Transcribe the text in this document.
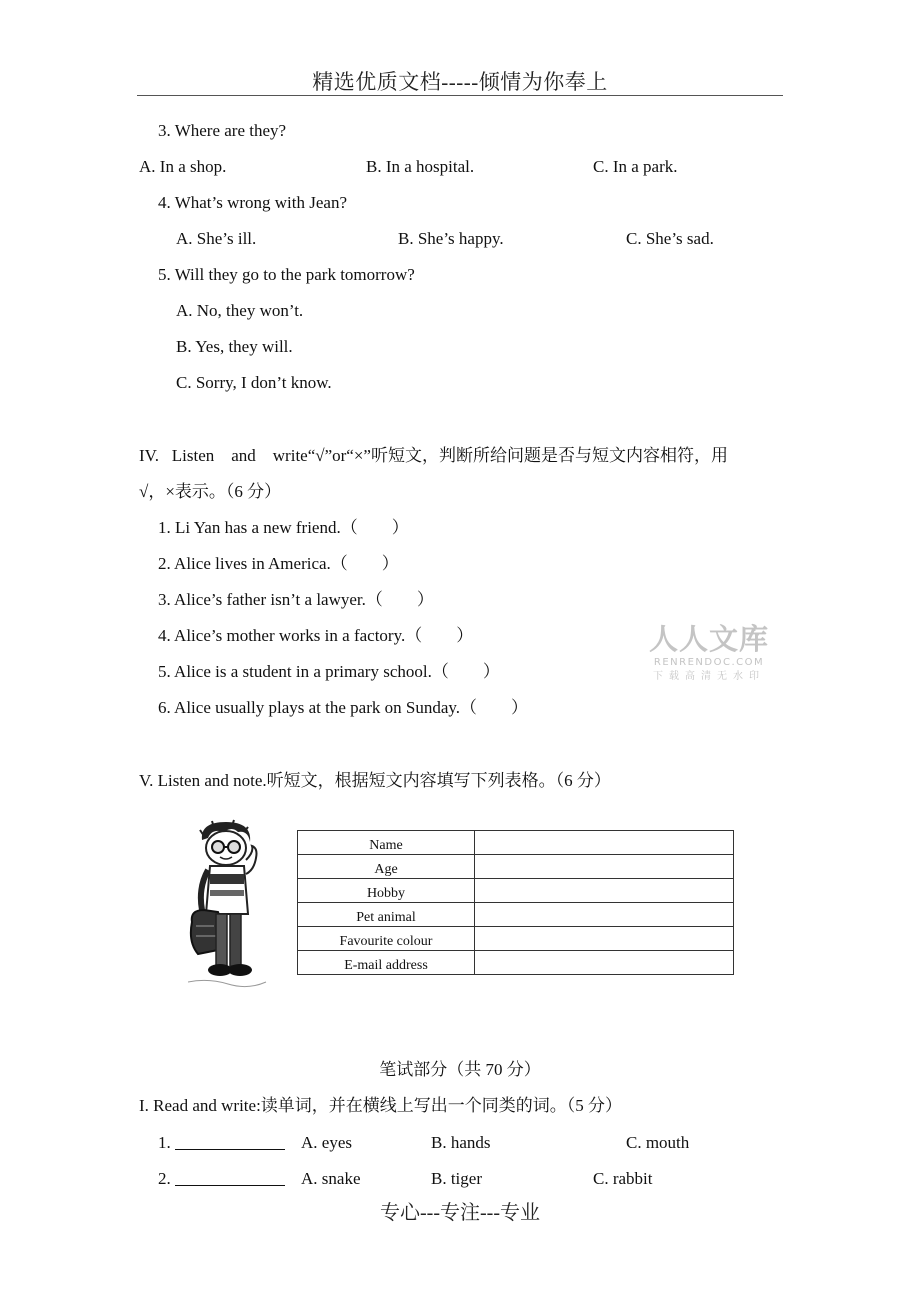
精选优质文档-----倾情为你奉上
3. Where are they?
A. In a shop.	B. In a hospital.	C. In a park.
4. What’s wrong with Jean?
A. She’s ill.	B. She’s happy.	C. She’s sad.
5. Will they go to the park tomorrow?
A. No, they won’t.
B. Yes, they will.
C. Sorry, I don’t know.
IV.   Listen    and    write“√”or“×”听短文，判断所给问题是否与短文内容相符，用
√，×表示。（6 分）
1. Li Yan has a new friend.（　　）
2. Alice lives in America.（　　）
3. Alice’s father isn’t a lawyer.（　　）
4. Alice’s mother works in a factory.（　　）
5. Alice is a student in a primary school.（　　）
6. Alice usually plays at the park on Sunday.（　　）
人人文库
RENRENDOC.COM
下载高清无水印
V. Listen and note.听短文，根据短文内容填写下列表格。（6 分）
Name	
Age	
Hobby	
Pet animal	
Favourite colour	
E-mail address	
笔试部分（共 70 分）
I. Read and write:读单词，并在横线上写出一个同类的词。（5 分）
1.	A. eyes	B. hands	C. mouth
2.	A. snake	B. tiger	C. rabbit
专心---专注---专业
